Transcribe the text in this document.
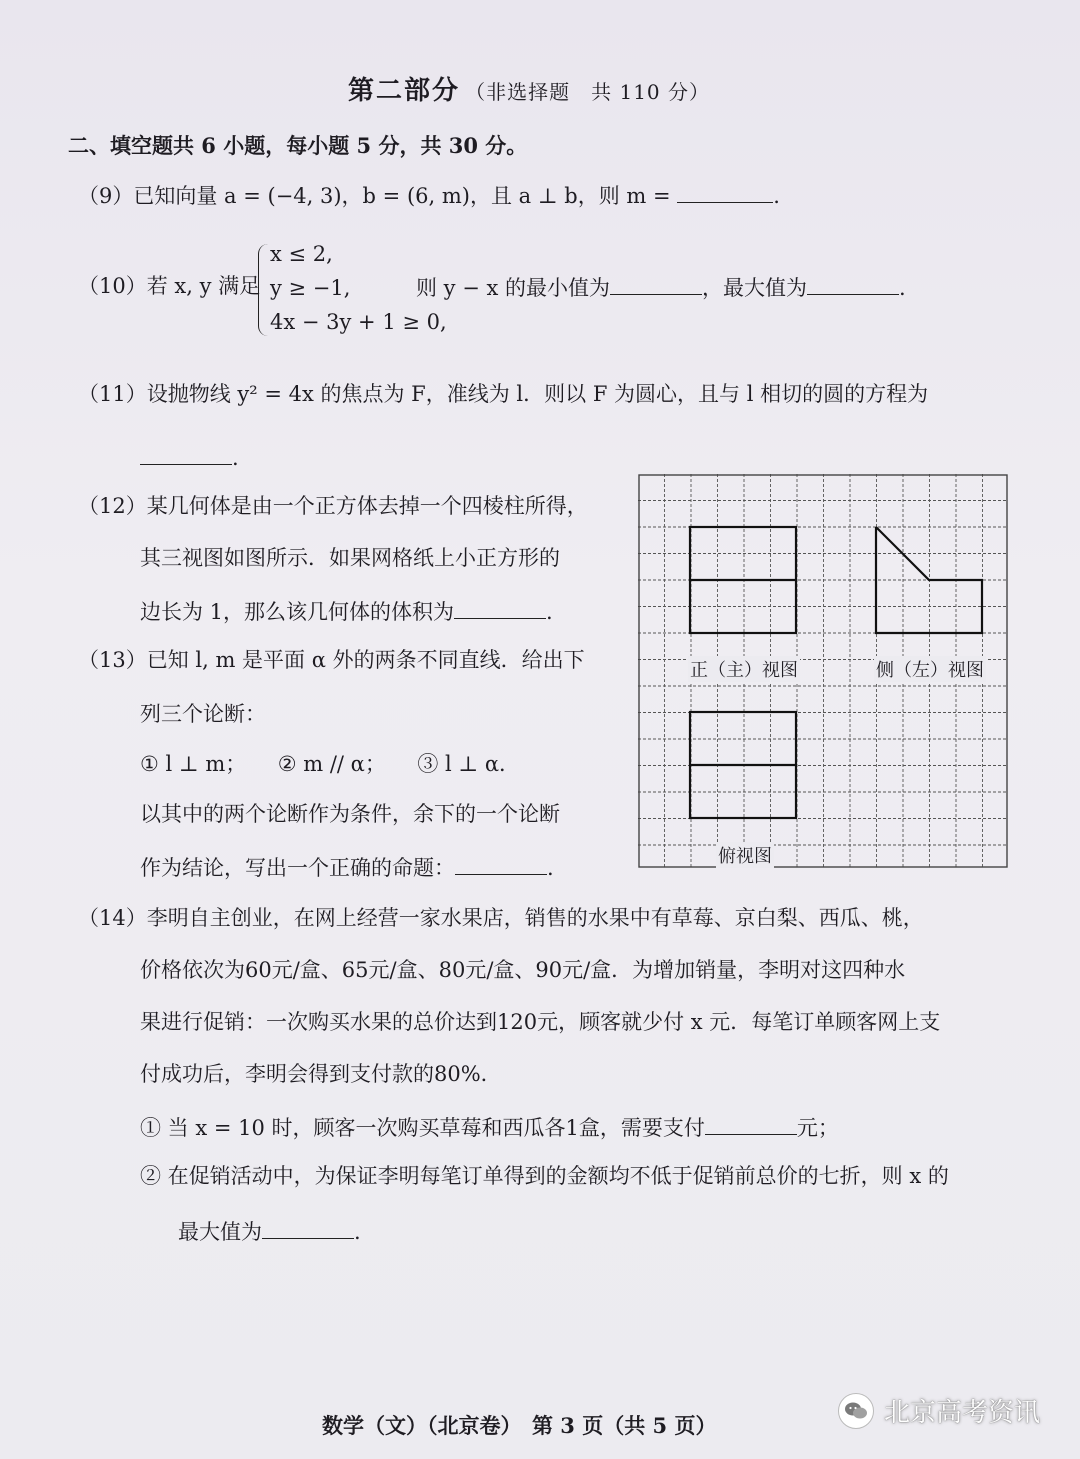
第二部分 （非选择题　共 110 分）
二、填空题共 6 小题，每小题 5 分，共 30 分。
（9）已知向量 a = (−4, 3)，b = (6, m)，且 a ⊥ b，则 m =	.
（10）若 x, y 满足
x ≤ 2,
y ≥ −1,
4x − 3y + 1 ≥ 0,
则 y − x 的最小值为	，最大值为	.
（11）设抛物线 y² = 4x 的焦点为 F，准线为 l．则以 F 为圆心，且与 l 相切的圆的方程为
.
（12）某几何体是由一个正方体去掉一个四棱柱所得，
其三视图如图所示．如果网格纸上小正方形的
边长为 1，那么该几何体的体积为	.
（13）已知 l, m 是平面 α 外的两条不同直线．给出下
列三个论断：
① l ⊥ m；　　② m // α；　　③ l ⊥ α．
以其中的两个论断作为条件，余下的一个论断
作为结论，写出一个正确的命题：	.
正（主）视图	侧（左）视图
俯视图
（14）李明自主创业，在网上经营一家水果店，销售的水果中有草莓、京白梨、西瓜、桃，
价格依次为60元/盒、65元/盒、80元/盒、90元/盒．为增加销量，李明对这四种水
果进行促销：一次购买水果的总价达到120元，顾客就少付 x 元．每笔订单顾客网上支
付成功后，李明会得到支付款的80%．
① 当 x = 10 时，顾客一次购买草莓和西瓜各1盒，需要支付	元；
② 在促销活动中，为保证李明每笔订单得到的金额均不低于促销前总价的七折，则 x 的
最大值为	.
数学（文）（北京卷）　第 3 页（共 5 页）	北京高考资讯
